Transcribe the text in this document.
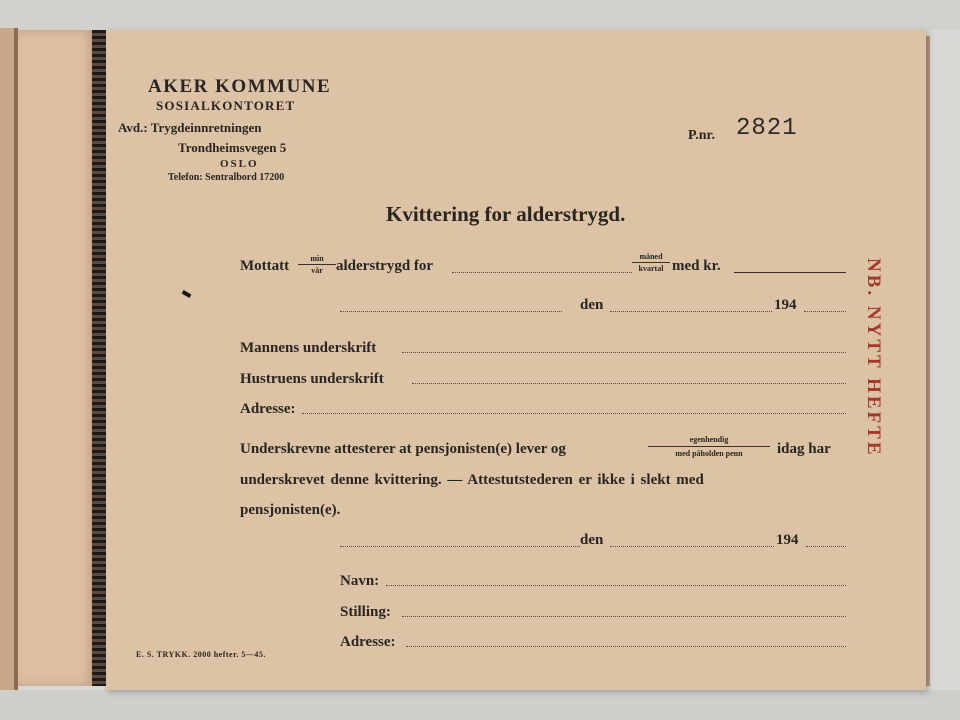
AKER KOMMUNE
SOSIALKONTORET
Avd.: Trygdeinnretningen
Trondheimsvegen 5
OSLO
Telefon: Sentralbord 17200
P.nr. 2821
Kvittering for alderstrygd.
Mottatt	min
vår alderstrygd for
måned
kvartal med kr.
den	194
Mannens underskrift
Hustruens underskrift
Adresse:
Underskrevne attesterer at pensjonisten(e) lever og
egenhendig
med påholden penn	idag har
underskrevet denne kvittering. — Attestutstederen er ikke i slekt med
pensjonisten(e).
den	194
Navn:
Stilling:
Adresse:
NB. NYTT HEFTE
E. S. TRYKK. 2000 hefter. 5—45.
